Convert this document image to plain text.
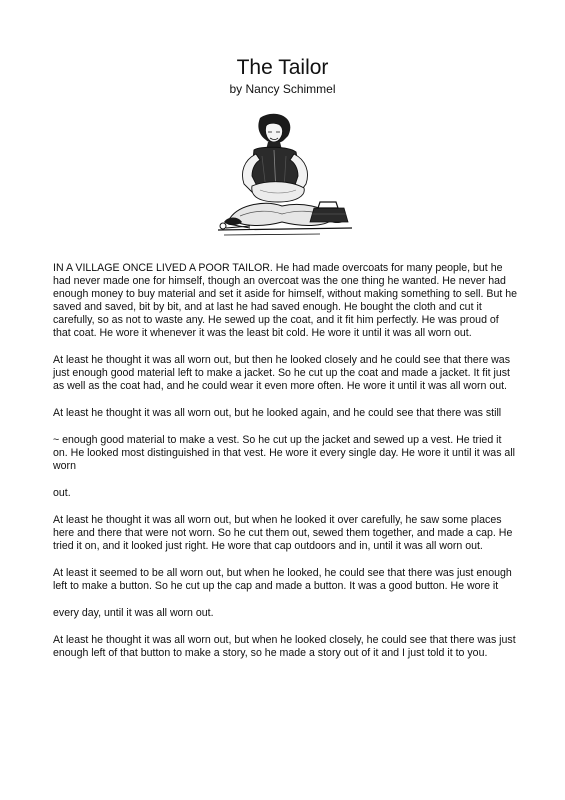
The Tailor
by Nancy Schimmel

IN A VILLAGE ONCE LIVED A POOR TAILOR. He had made overcoats for many people, but he had never made one for himself, though an overcoat was the one thing he wanted. He never had enough money to buy material and set it aside for himself, without making something to sell. But he saved and saved, bit by bit, and at last he had saved enough. He bought the cloth and cut it carefully, so as not to waste any. He sewed up the coat, and it fit him perfectly. He was proud of that coat. He wore it whenever it was the least bit cold. He wore it until it was all worn out.

At least he thought it was all worn out, but then he looked closely and he could see that there was just enough good material left to make a jacket. So he cut up the coat and made a jacket. It fit just as well as the coat had, and he could wear it even more often. He wore it until it was all worn out.

At least he thought it was all worn out, but he looked again, and he could see that there was still

~ enough good material to make a vest. So he cut up the jacket and sewed up a vest. He tried it on. He looked most distinguished in that vest. He wore it every single day. He wore it until it was all worn

out.

At least he thought it was all worn out, but when he looked it over carefully, he saw some places here and there that were not worn. So he cut them out, sewed them together, and made a cap. He tried it on, and it looked just right. He wore that cap outdoors and in, until it was all worn out.

At least it seemed to be all worn out, but when he looked, he could see that there was just enough left to make a button. So he cut up the cap and made a button. It was a good button. He wore it

every day, until it was all worn out.

At least he thought it was all worn out, but when he looked closely, he could see that there was just enough left of that button to make a story, so he made a story out of it and I just told it to you.
